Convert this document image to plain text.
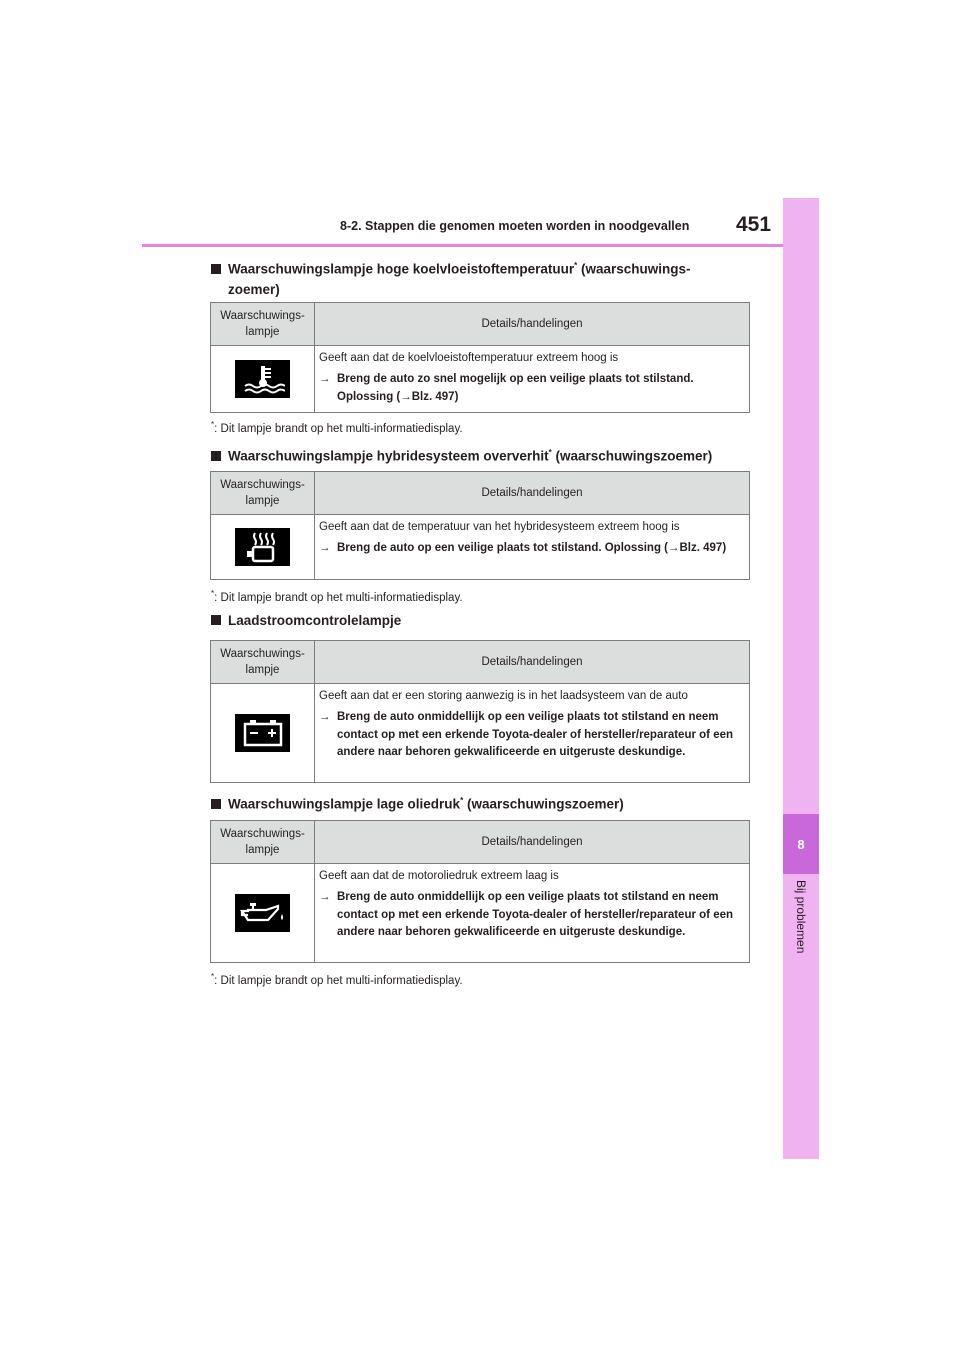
8
Bij problemen
8-2. Stappen die genomen moeten worden in noodgevallen 451
Waarschuwingslampje hoge koelvloeistoftemperatuur* (waarschuwings-
zoemer)
Waarschuwings-
lampje	Details/handelingen

Geeft aan dat de koelvloeistoftemperatuur extreem hoog is
→ Breng de auto zo snel mogelijk op een veilige plaats tot stilstand. Oplossing (→Blz. 497)
*: Dit lampje brandt op het multi-informatiedisplay.
Waarschuwingslampje hybridesysteem oververhit* (waarschuwingszoemer)
Waarschuwings-
lampje	Details/handelingen

Geeft aan dat de temperatuur van het hybridesysteem extreem hoog is
→ Breng de auto op een veilige plaats tot stilstand. Oplossing (→Blz. 497)
*: Dit lampje brandt op het multi-informatiedisplay.
Laadstroomcontrolelampje
Waarschuwings-
lampje	Details/handelingen

Geeft aan dat er een storing aanwezig is in het laadsysteem van de auto
→ Breng de auto onmiddellijk op een veilige plaats tot stilstand en neem contact op met een erkende Toyota-dealer of hersteller/reparateur of een andere naar behoren gekwalificeerde en uitgeruste deskundige.
Waarschuwingslampje lage oliedruk* (waarschuwingszoemer)
Waarschuwings-
lampje	Details/handelingen

Geeft aan dat de motoroliedruk extreem laag is
→ Breng de auto onmiddellijk op een veilige plaats tot stilstand en neem contact op met een erkende Toyota-dealer of hersteller/reparateur of een andere naar behoren gekwalificeerde en uitgeruste deskundige.
*: Dit lampje brandt op het multi-informatiedisplay.
